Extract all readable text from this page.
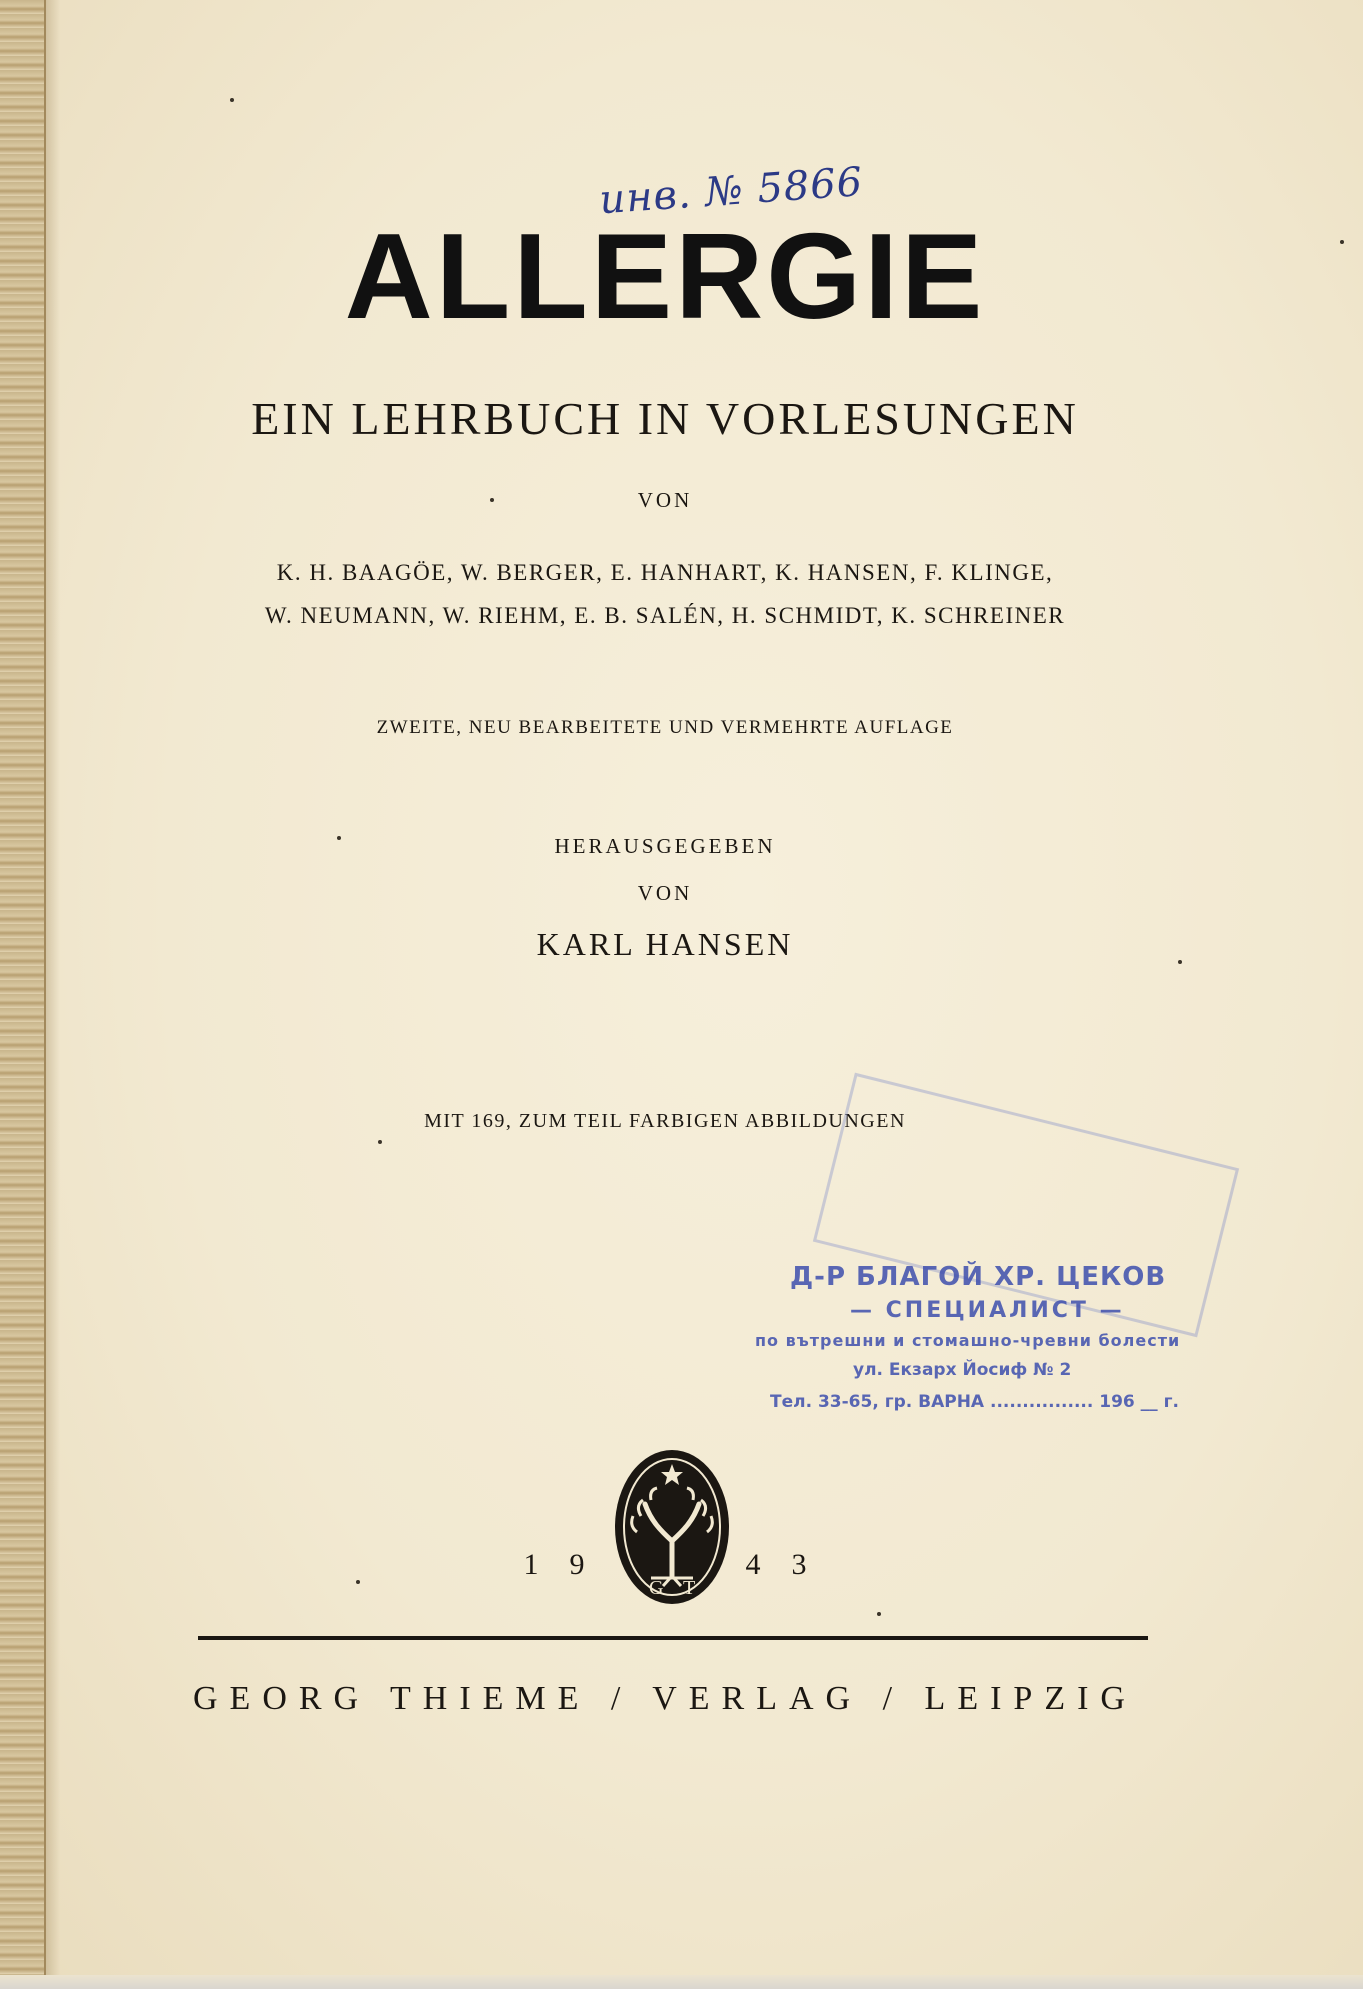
инв. № 5866
ALLERGIE
EIN LEHRBUCH IN VORLESUNGEN
VON
K. H. BAAGÖE, W. BERGER, E. HANHART, K. HANSEN, F. KLINGE,
W. NEUMANN, W. RIEHM, E. B. SALÉN, H. SCHMIDT, K. SCHREINER
ZWEITE, NEU BEARBEITETE UND VERMEHRTE AUFLAGE
HERAUSGEGEBEN
VON
KARL HANSEN
MIT 169, ZUM TEIL FARBIGEN ABBILDUNGEN
Д-Р БЛАГОЙ ХР. ЦЕКОВ
— СПЕЦИАЛИСТ —
по вътрешни и стомашно-чревни болести
ул. Екзарх Йосиф № 2
Тел. 33-65, гр. ВАРНА ................ 196 __ г.
1 9	4 3
G T
GEORG THIEME / VERLAG / LEIPZIG
